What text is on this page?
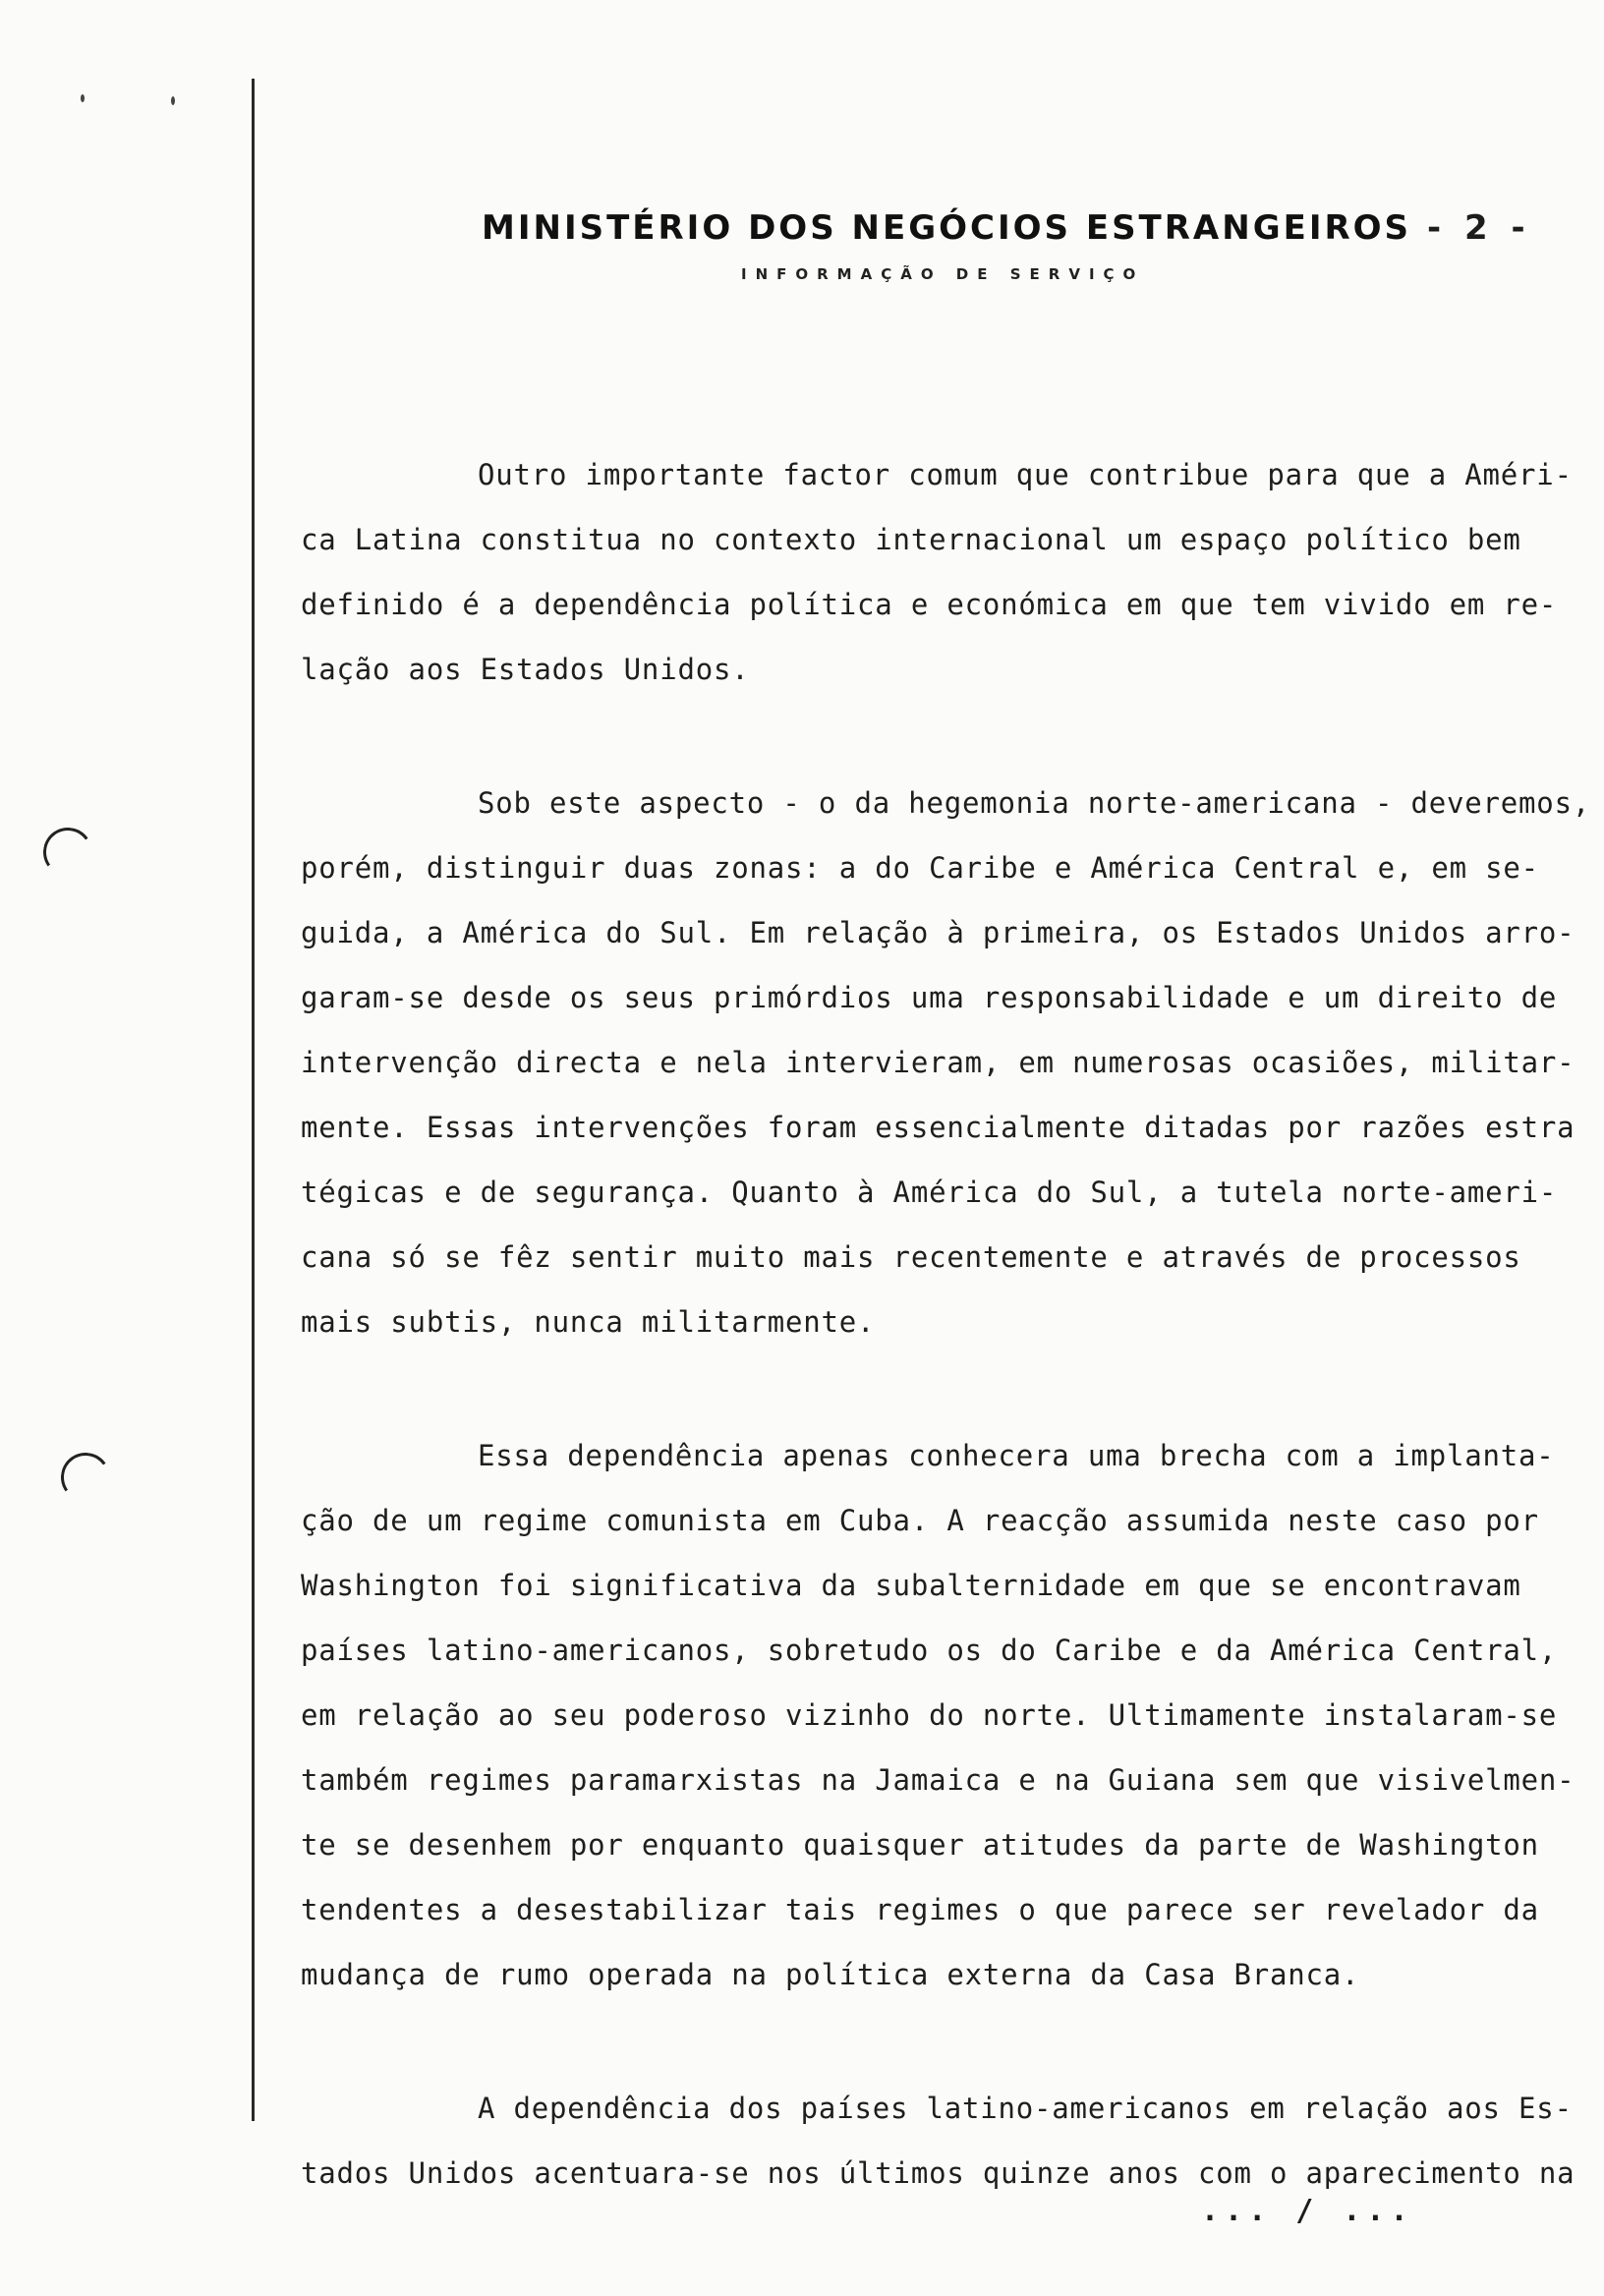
MINISTÉRIO DOS NEGÓCIOS ESTRANGEIROS - 2 -
INFORMAÇÃO DE SERVIÇO
Outro importante factor comum que contribue para que a Améri-
ca Latina constitua no contexto internacional um espaço político bem
definido é a dependência política e económica em que tem vivido em re-
lação aos Estados Unidos.
Sob este aspecto - o da hegemonia norte-americana - deveremos,
porém, distinguir duas zonas: a do Caribe e América Central e, em se-
guida, a América do Sul. Em relação à primeira, os Estados Unidos arro-
garam-se desde os seus primórdios uma responsabilidade e um direito de
intervenção directa e nela intervieram, em numerosas ocasiões, militar-
mente. Essas intervenções foram essencialmente ditadas por razões estra
tégicas e de segurança. Quanto à América do Sul, a tutela norte-ameri-
cana só se fêz sentir muito mais recentemente e através de processos
mais subtis, nunca militarmente.
Essa dependência apenas conhecera uma brecha com a implanta-
ção de um regime comunista em Cuba. A reacção assumida neste caso por
Washington foi significativa da subalternidade em que se encontravam
países latino-americanos, sobretudo os do Caribe e da América Central,
em relação ao seu poderoso vizinho do norte. Ultimamente instalaram-se
também regimes paramarxistas na Jamaica e na Guiana sem que visivelmen-
te se desenhem por enquanto quaisquer atitudes da parte de Washington
tendentes a desestabilizar tais regimes o que parece ser revelador da
mudança de rumo operada na política externa da Casa Branca.
A dependência dos países latino-americanos em relação aos Es-
tados Unidos acentuara-se nos últimos quinze anos com o aparecimento na
... / ...
